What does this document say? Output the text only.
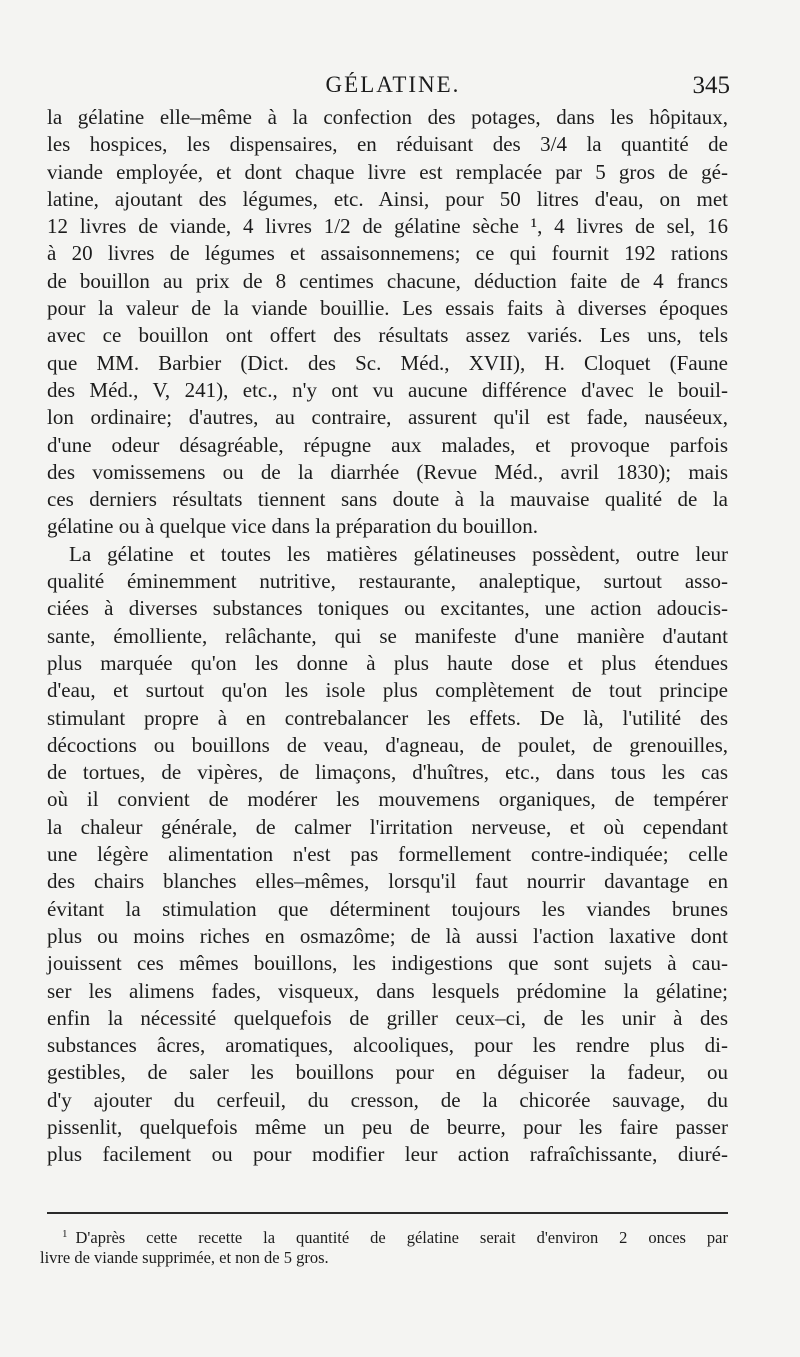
GÉLATINE.	345
la gélatine elle–même à la confection des potages, dans les hôpitaux,
les hospices, les dispensaires, en réduisant des 3/4 la quantité de
viande employée, et dont chaque livre est remplacée par 5 gros de gé-
latine, ajoutant des légumes, etc. Ainsi, pour 50 litres d'eau, on met
12 livres de viande, 4 livres 1/2 de gélatine sèche ¹, 4 livres de sel, 16
à 20 livres de légumes et assaisonnemens; ce qui fournit 192 rations
de bouillon au prix de 8 centimes chacune, déduction faite de 4 francs
pour la valeur de la viande bouillie. Les essais faits à diverses époques
avec ce bouillon ont offert des résultats assez variés. Les uns, tels
que MM. Barbier (Dict. des Sc. Méd., XVII), H. Cloquet (Faune
des Méd., V, 241), etc., n'y ont vu aucune différence d'avec le bouil-
lon ordinaire; d'autres, au contraire, assurent qu'il est fade, nauséeux,
d'une odeur désagréable, répugne aux malades, et provoque parfois
des vomissemens ou de la diarrhée (Revue Méd., avril 1830); mais
ces derniers résultats tiennent sans doute à la mauvaise qualité de la
gélatine ou à quelque vice dans la préparation du bouillon.
La gélatine et toutes les matières gélatineuses possèdent, outre leur
qualité éminemment nutritive, restaurante, analeptique, surtout asso-
ciées à diverses substances toniques ou excitantes, une action adoucis-
sante, émolliente, relâchante, qui se manifeste d'une manière d'autant
plus marquée qu'on les donne à plus haute dose et plus étendues
d'eau, et surtout qu'on les isole plus complètement de tout principe
stimulant propre à en contrebalancer les effets. De là, l'utilité des
décoctions ou bouillons de veau, d'agneau, de poulet, de grenouilles,
de tortues, de vipères, de limaçons, d'huîtres, etc., dans tous les cas
où il convient de modérer les mouvemens organiques, de tempérer
la chaleur générale, de calmer l'irritation nerveuse, et où cependant
une légère alimentation n'est pas formellement contre-indiquée; celle
des chairs blanches elles–mêmes, lorsqu'il faut nourrir davantage en
évitant la stimulation que déterminent toujours les viandes brunes
plus ou moins riches en osmazôme; de là aussi l'action laxative dont
jouissent ces mêmes bouillons, les indigestions que sont sujets à cau-
ser les alimens fades, visqueux, dans lesquels prédomine la gélatine;
enfin la nécessité quelquefois de griller ceux–ci, de les unir à des
substances âcres, aromatiques, alcooliques, pour les rendre plus di-
gestibles, de saler les bouillons pour en déguiser la fadeur, ou
d'y ajouter du cerfeuil, du cresson, de la chicorée sauvage, du
pissenlit, quelquefois même un peu de beurre, pour les faire passer
plus facilement ou pour modifier leur action rafraîchissante, diuré-
$^1$ D'après cette recette la quantité de gélatine serait d'environ 2 onces par
livre de viande supprimée, et non de 5 gros.
